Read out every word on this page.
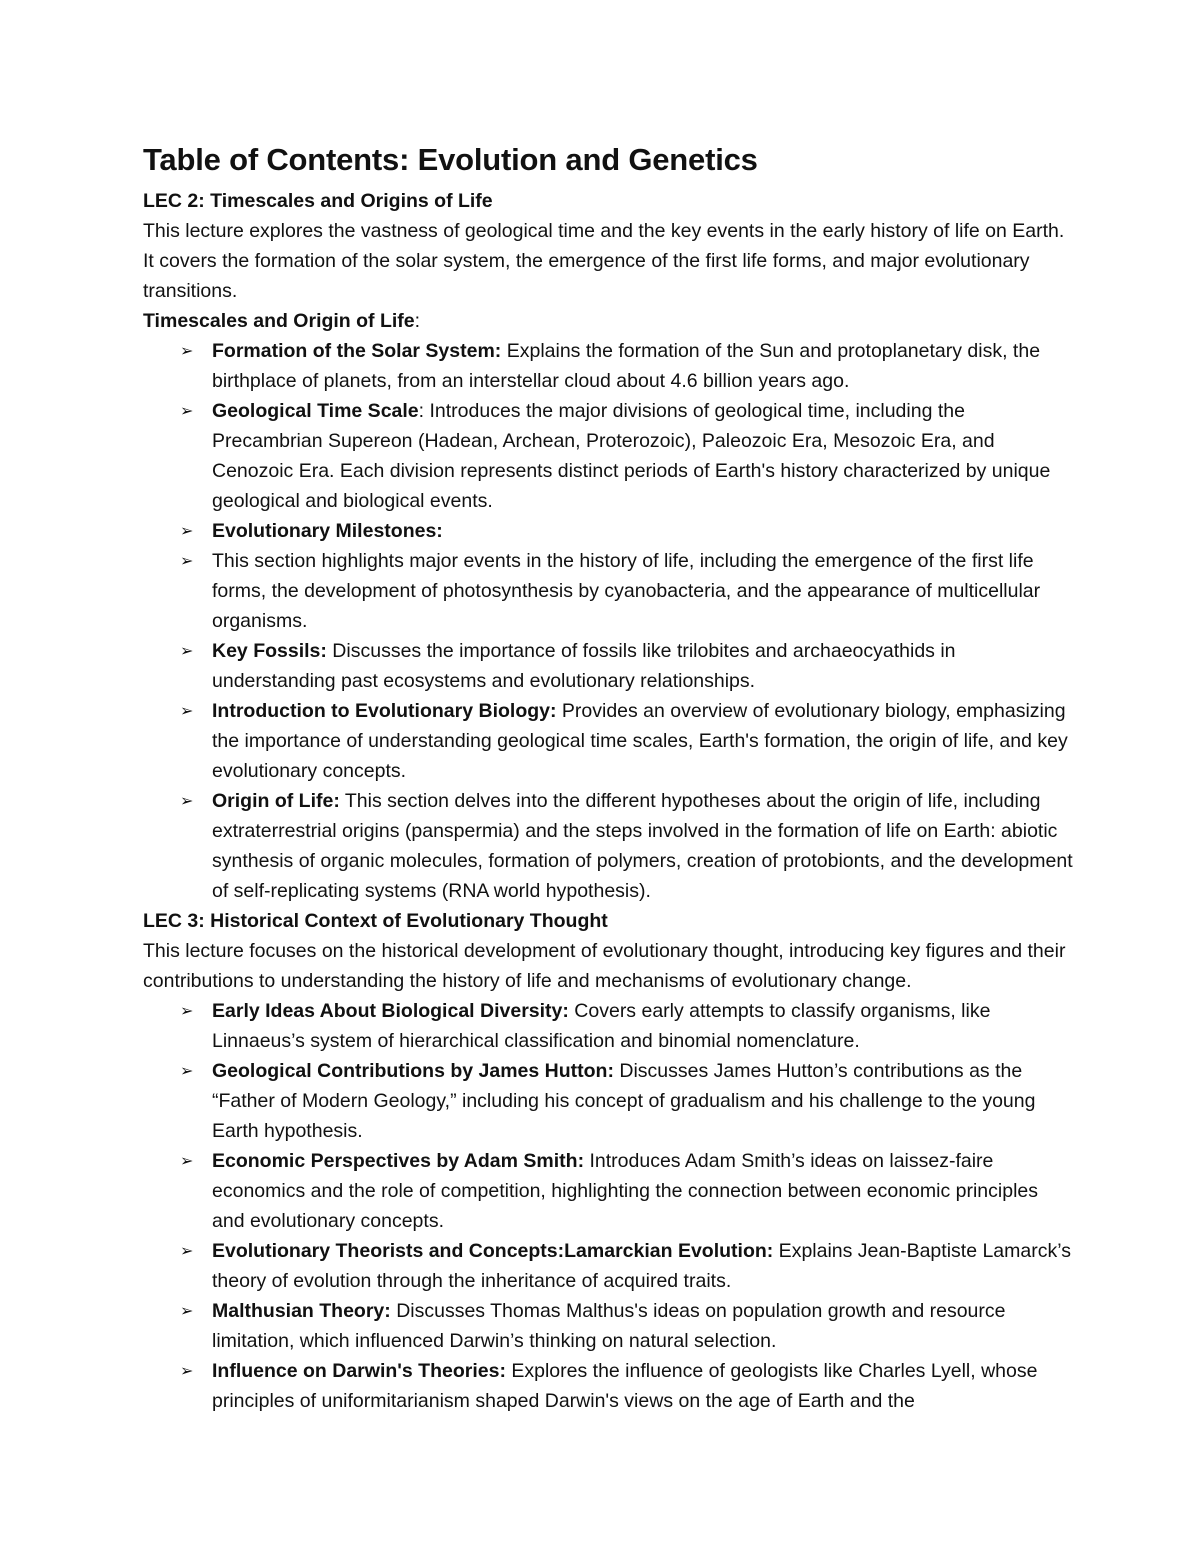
Table of Contents: Evolution and Genetics

LEC 2: Timescales and Origins of Life

This lecture explores the vastness of geological time and the key events in the early history of life on Earth. It covers the formation of the solar system, the emergence of the first life forms, and major evolutionary transitions.

Timescales and Origin of Life:

➢ Formation of the Solar System: Explains the formation of the Sun and protoplanetary disk, the birthplace of planets, from an interstellar cloud about 4.6 billion years ago.
➢ Geological Time Scale: Introduces the major divisions of geological time, including the Precambrian Supereon (Hadean, Archean, Proterozoic), Paleozoic Era, Mesozoic Era, and Cenozoic Era. Each division represents distinct periods of Earth's history characterized by unique geological and biological events.
➢ Evolutionary Milestones:
➢ This section highlights major events in the history of life, including the emergence of the first life forms, the development of photosynthesis by cyanobacteria, and the appearance of multicellular organisms.
➢ Key Fossils: Discusses the importance of fossils like trilobites and archaeocyathids in understanding past ecosystems and evolutionary relationships.
➢ Introduction to Evolutionary Biology: Provides an overview of evolutionary biology, emphasizing the importance of understanding geological time scales, Earth's formation, the origin of life, and key evolutionary concepts.
➢ Origin of Life: This section delves into the different hypotheses about the origin of life, including extraterrestrial origins (panspermia) and the steps involved in the formation of life on Earth: abiotic synthesis of organic molecules, formation of polymers, creation of protobionts, and the development of self-replicating systems (RNA world hypothesis).

LEC 3: Historical Context of Evolutionary Thought

This lecture focuses on the historical development of evolutionary thought, introducing key figures and their contributions to understanding the history of life and mechanisms of evolutionary change.

➢ Early Ideas About Biological Diversity: Covers early attempts to classify organisms, like Linnaeus’s system of hierarchical classification and binomial nomenclature.
➢ Geological Contributions by James Hutton: Discusses James Hutton’s contributions as the “Father of Modern Geology,” including his concept of gradualism and his challenge to the young Earth hypothesis.
➢ Economic Perspectives by Adam Smith: Introduces Adam Smith’s ideas on laissez-faire economics and the role of competition, highlighting the connection between economic principles and evolutionary concepts.
➢ Evolutionary Theorists and Concepts:Lamarckian Evolution: Explains Jean-Baptiste Lamarck’s theory of evolution through the inheritance of acquired traits.
➢ Malthusian Theory: Discusses Thomas Malthus's ideas on population growth and resource limitation, which influenced Darwin’s thinking on natural selection.
➢ Influence on Darwin's Theories: Explores the influence of geologists like Charles Lyell, whose principles of uniformitarianism shaped Darwin's views on the age of Earth and the
